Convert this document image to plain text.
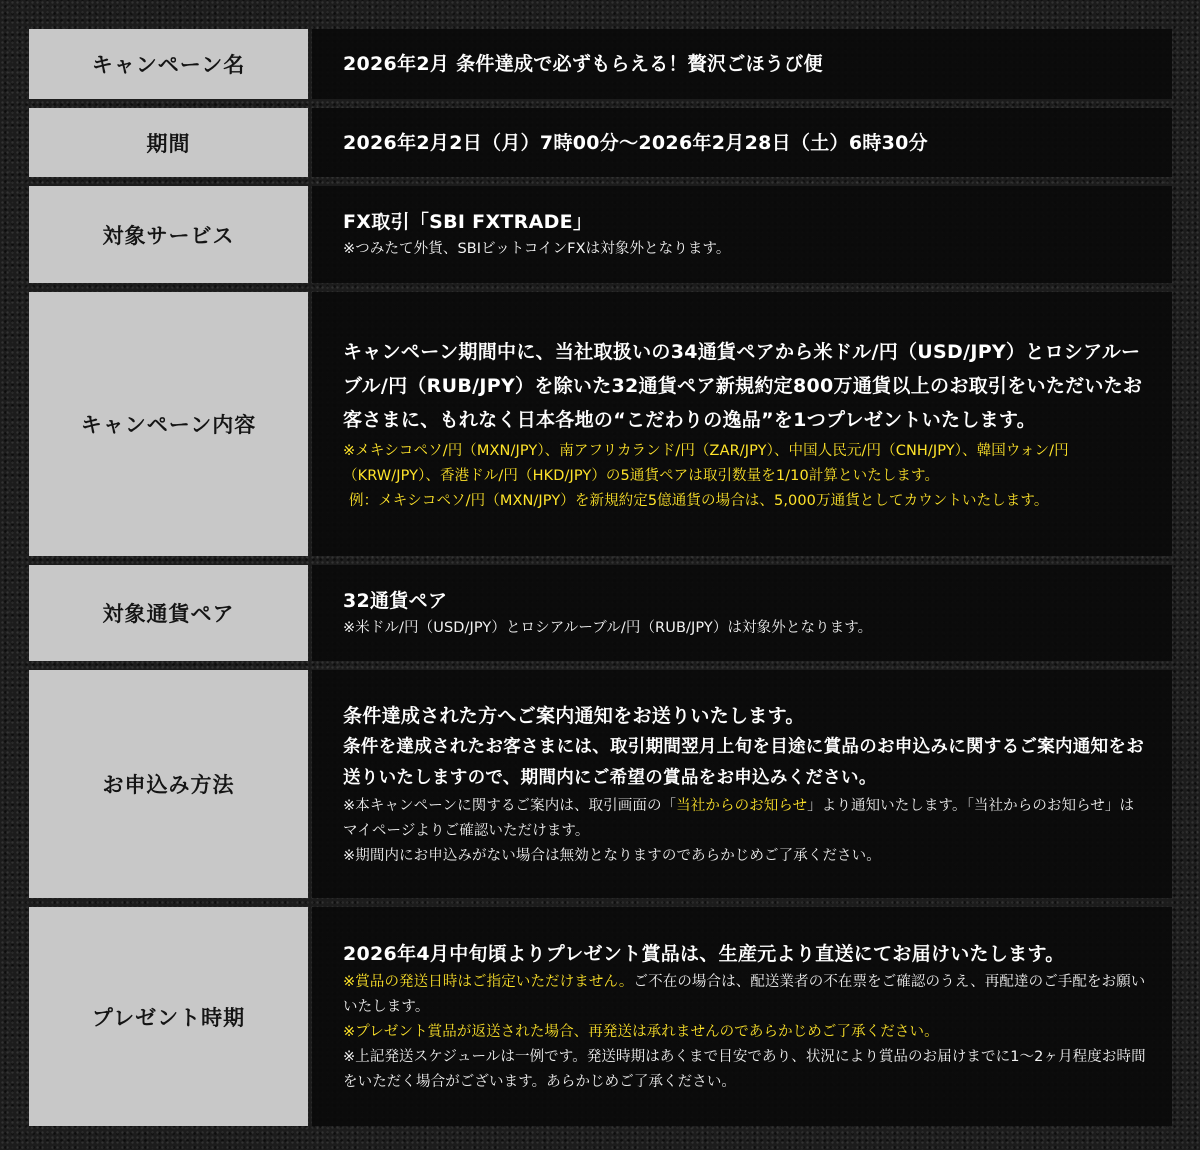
キャンペーン名	2026年2月 条件達成で必ずもらえる！贅沢ごほうび便
期間	2026年2月2日（月）7時00分～2026年2月28日（土）6時30分
対象サービス
FX取引「SBI FXTRADE」
※つみたて外貨、SBIビットコインFXは対象外となります。
キャンペーン内容
キャンペーン期間中に、当社取扱いの34通貨ペアから米ドル/円（USD/JPY）とロシアルーブル/円（RUB/JPY）を除いた32通貨ペア新規約定800万通貨以上のお取引をいただいたお客さまに、もれなく日本各地の“こだわりの逸品”を1つプレゼントいたします。
※メキシコペソ/円（MXN/JPY）、南アフリカランド/円（ZAR/JPY）、中国人民元/円（CNH/JPY）、韓国ウォン/円（KRW/JPY）、香港ドル/円（HKD/JPY）の5通貨ペアは取引数量を1/10計算といたします。
例：メキシコペソ/円（MXN/JPY）を新規約定5億通貨の場合は、5,000万通貨としてカウントいたします。
対象通貨ペア
32通貨ペア
※米ドル/円（USD/JPY）とロシアルーブル/円（RUB/JPY）は対象外となります。
お申込み方法
条件達成された方へご案内通知をお送りいたします。
条件を達成されたお客さまには、取引期間翌月上旬を目途に賞品のお申込みに関するご案内通知をお送りいたしますので、期間内にご希望の賞品をお申込みください。
※本キャンペーンに関するご案内は、取引画面の「当社からのお知らせ」より通知いたします。「当社からのお知らせ」はマイページよりご確認いただけます。
※期間内にお申込みがない場合は無効となりますのであらかじめご了承ください。
プレゼント時期
2026年4月中旬頃よりプレゼント賞品は、生産元より直送にてお届けいたします。
※賞品の発送日時はご指定いただけません。ご不在の場合は、配送業者の不在票をご確認のうえ、再配達のご手配をお願いいたします。
※プレゼント賞品が返送された場合、再発送は承れませんのであらかじめご了承ください。
※上記発送スケジュールは一例です。発送時期はあくまで目安であり、状況により賞品のお届けまでに1～2ヶ月程度お時間をいただく場合がございます。あらかじめご了承ください。
